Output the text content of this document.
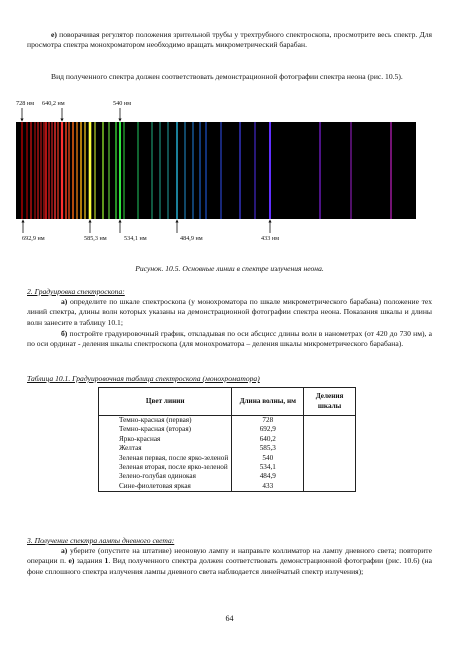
е) поворачивая регулятор положения зрительной трубы у трехтрубного спектроскопа, просмотрите весь спектр. Для просмотра спектра монохроматором необходимо вращать микрометрический барабан.
Вид полученного спектра должен соответствовать демонстрационной фотографии спектра неона (рис. 10.5).
728 нм 640,2 нм	540 нм
692,9 нм	585,3 нм	534,1 нм	484,9 нм	433 нм
Рисунок. 10.5. Основные линии в спектре излучения неона.
2. Градуировка спектроскопа:
а) определите по шкале спектроскопа (у монохроматора по шкале микрометрического барабана) положение тех линий спектра, длины волн которых указаны на демонстрационной фотографии спектра неона. Показания шкалы и длины волн занесите в таблицу 10.1;
б) постройте градуировочный график, откладывая по оси абсцисс длины волн в нанометрах (от 420 до 730 нм), а по оси ординат - деления шкалы спектроскопа (для монохроматора – деления шкалы микрометрического барабана).
Таблица 10.1. Градуировочная таблица спектроскопа (монохроматора)
Цвет линии	Длина волны, нм	Деления шкалы
Темно-красная (первая)	728	
Темно-красная (вторая)	692,9	
Ярко-красная	640,2	
Желтая	585,3	
Зеленая первая, после ярко-зеленой	540	
Зеленая вторая, после ярко-зеленой	534,1	
Зелено-голубая одинокая	484,9	
Сине-фиолетовая яркая	433	
3. Получение спектра лампы дневного света:
а) уберите (опустите на штативе) неоновую лампу и направьте коллиматор на лампу дневного света; повторите операции п. е) задания 1. Вид полученного спектра должен соответствовать демонстрационной фотографии (рис. 10.6) (на фоне сплошного спектра излучения лампы дневного света наблюдается линейчатый спектр излучения);
64
